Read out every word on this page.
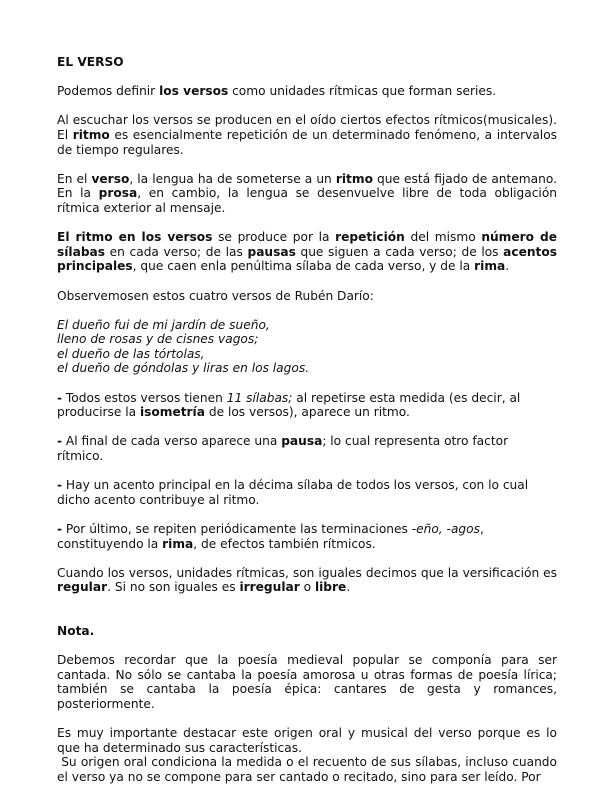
EL VERSO

Podemos definir los versos como unidades rítmicas que forman series.

Al escuchar los versos se producen en el oído ciertos efectos rítmicos(musicales). El ritmo es esencialmente repetición de un determinado fenómeno, a intervalos de tiempo regulares.

En el verso, la lengua ha de someterse a un ritmo que está fijado de antemano. En la prosa, en cambio, la lengua se desenvuelve libre de toda obligación rítmica exterior al mensaje.

El ritmo en los versos se produce por la repetición del mismo número de sílabas en cada verso; de las pausas que siguen a cada verso; de los acentos principales, que caen enla penúltima sílaba de cada verso, y de la rima.

Observemosen estos cuatro versos de Rubén Darío:

El dueño fui de mi jardín de sueño,
lleno de rosas y de cisnes vagos;
el dueño de las tórtolas,
el dueño de góndolas y liras en los lagos.

- Todos estos versos tienen 11 sílabas; al repetirse esta medida (es decir, al producirse la isometría de los versos), aparece un ritmo.

- Al final de cada verso aparece una pausa; lo cual representa otro factor rítmico.

- Hay un acento principal en la décima sílaba de todos los versos, con lo cual dicho acento contribuye al ritmo.

- Por último, se repiten periódicamente las terminaciones -eño, -agos, constituyendo la rima, de efectos también rítmicos.

Cuando los versos, unidades rítmicas, son iguales decimos que la versificación es regular. Si no son iguales es irregular o libre.

Nota.

Debemos recordar que la poesía medieval popular se componía para ser cantada. No sólo se cantaba la poesía amorosa u otras formas de poesía lírica; también se cantaba la poesía épica: cantares de gesta y romances, posteriormente.

Es muy importante destacar este origen oral y musical del verso porque es lo que ha determinado sus características.
Su origen oral condiciona la medida o el recuento de sus sílabas, incluso cuando el verso ya no se compone para ser cantado o recitado, sino para ser leído. Por
